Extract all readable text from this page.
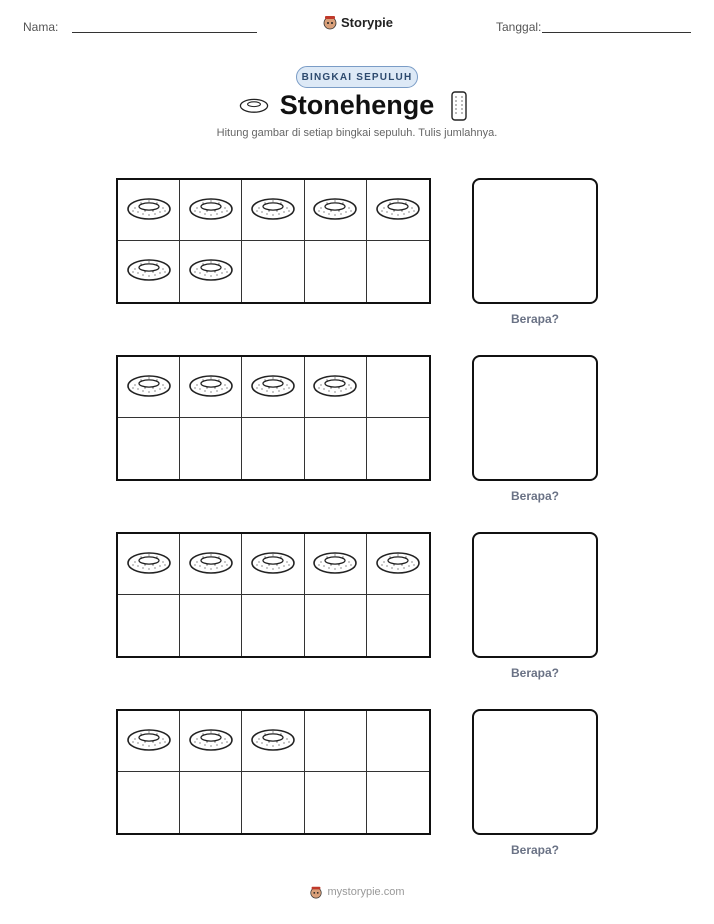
Nama:	Storypie	Tanggal:
BINGKAI SEPULUH
Stonehenge
Hitung gambar di setiap bingkai sepuluh. Tulis jumlahnya.
Berapa?
Berapa?
Berapa?
Berapa?
mystorypie.com
